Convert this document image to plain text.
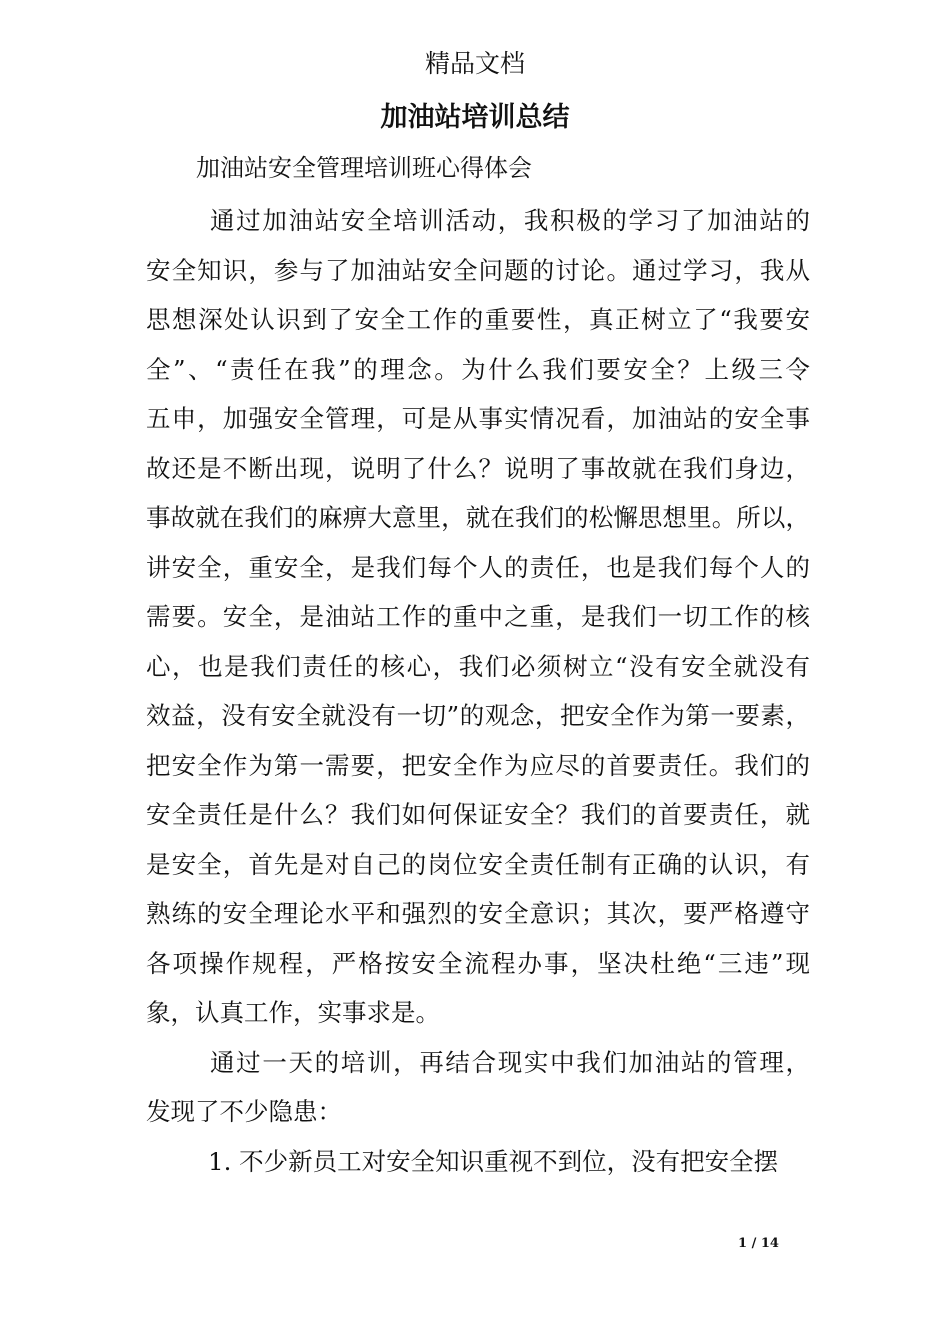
精品文档
加油站培训总结
加油站安全管理培训班心得体会
通过加油站安全培训活动，我积极的学习了加油站的
安全知识，参与了加油站安全问题的讨论。通过学习，我从
思想深处认识到了安全工作的重要性，真正树立了“我要安
全”、“责任在我”的理念。为什么我们要安全？上级三令
五申，加强安全管理，可是从事实情况看，加油站的安全事
故还是不断出现，说明了什么？说明了事故就在我们身边，
事故就在我们的麻痹大意里，就在我们的松懈思想里。所以，
讲安全，重安全，是我们每个人的责任，也是我们每个人的
需要。安全，是油站工作的重中之重，是我们一切工作的核
心，也是我们责任的核心，我们必须树立“没有安全就没有
效益，没有安全就没有一切”的观念，把安全作为第一要素，
把安全作为第一需要，把安全作为应尽的首要责任。我们的
安全责任是什么？我们如何保证安全？我们的首要责任，就
是安全，首先是对自己的岗位安全责任制有正确的认识，有
熟练的安全理论水平和强烈的安全意识；其次，要严格遵守
各项操作规程，严格按安全流程办事，坚决杜绝“三违”现
象，认真工作，实事求是。
通过一天的培训，再结合现实中我们加油站的管理，
发现了不少隐患：
1. 不少新员工对安全知识重视不到位，没有把安全摆
1 / 14
